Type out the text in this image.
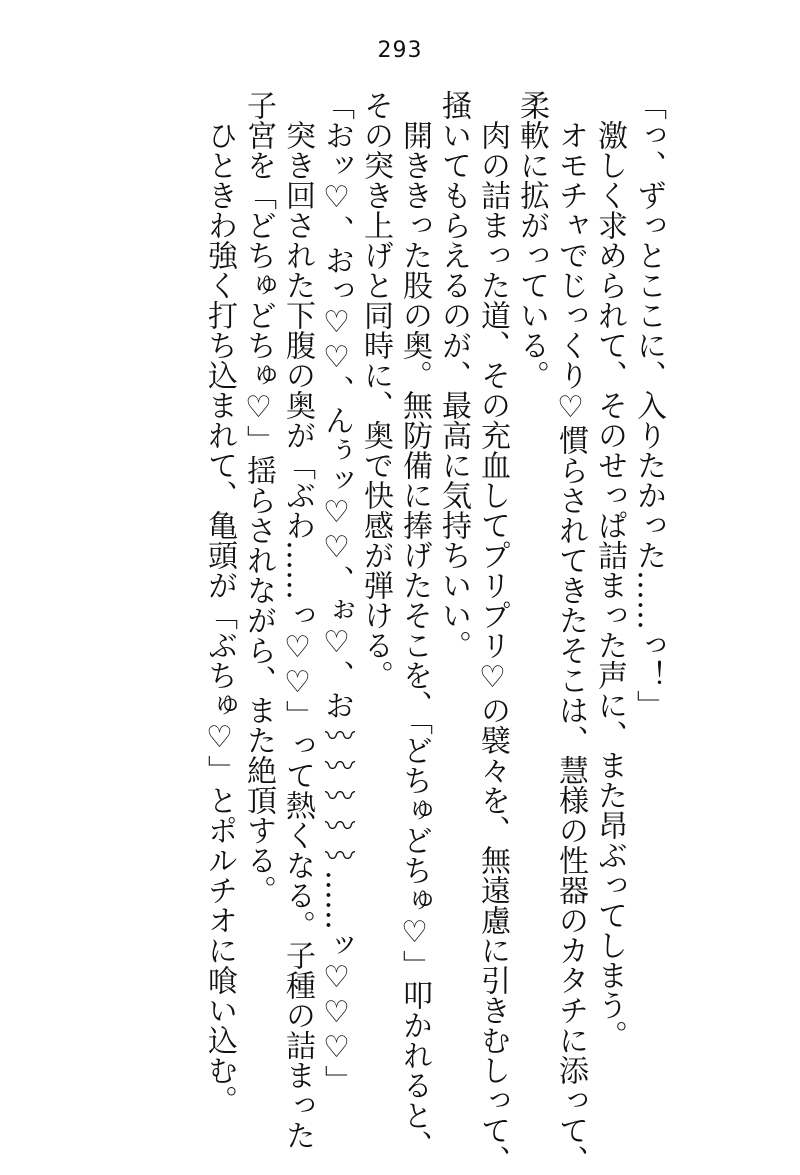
293

「っ、ずっとここに、入りたかった……っ！」

激しく求められて、そのせっぱ詰まった声に、また昂ぶってしまう。

オモチャでじっくり♡慣らされてきたそこは、慧様の性器のカタチに添って、

柔軟に拡がっている。

肉の詰まった道、その充血してプリプリ♡の襞々を、無遠慮に引きむしって、

掻いてもらえるのが、最高に気持ちいい。

開ききった股の奥。無防備に捧げたそこを、「どちゅどちゅ♡」叩かれると、

その突き上げと同時に、奥で快感が弾ける。

「おッ♡、おっ♡♡、んぅッ♡♡、ぉ♡、お〰〰〰〰〰……ッ♡♡♡」

突き回された下腹の奥が「ぶわ……っ♡♡」って熱くなる。子種の詰まった

子宮を「どちゅどちゅ♡」揺らされながら、また絶頂する。

ひときわ強く打ち込まれて、亀頭が「ぶちゅ♡」とポルチオに喰い込む。
